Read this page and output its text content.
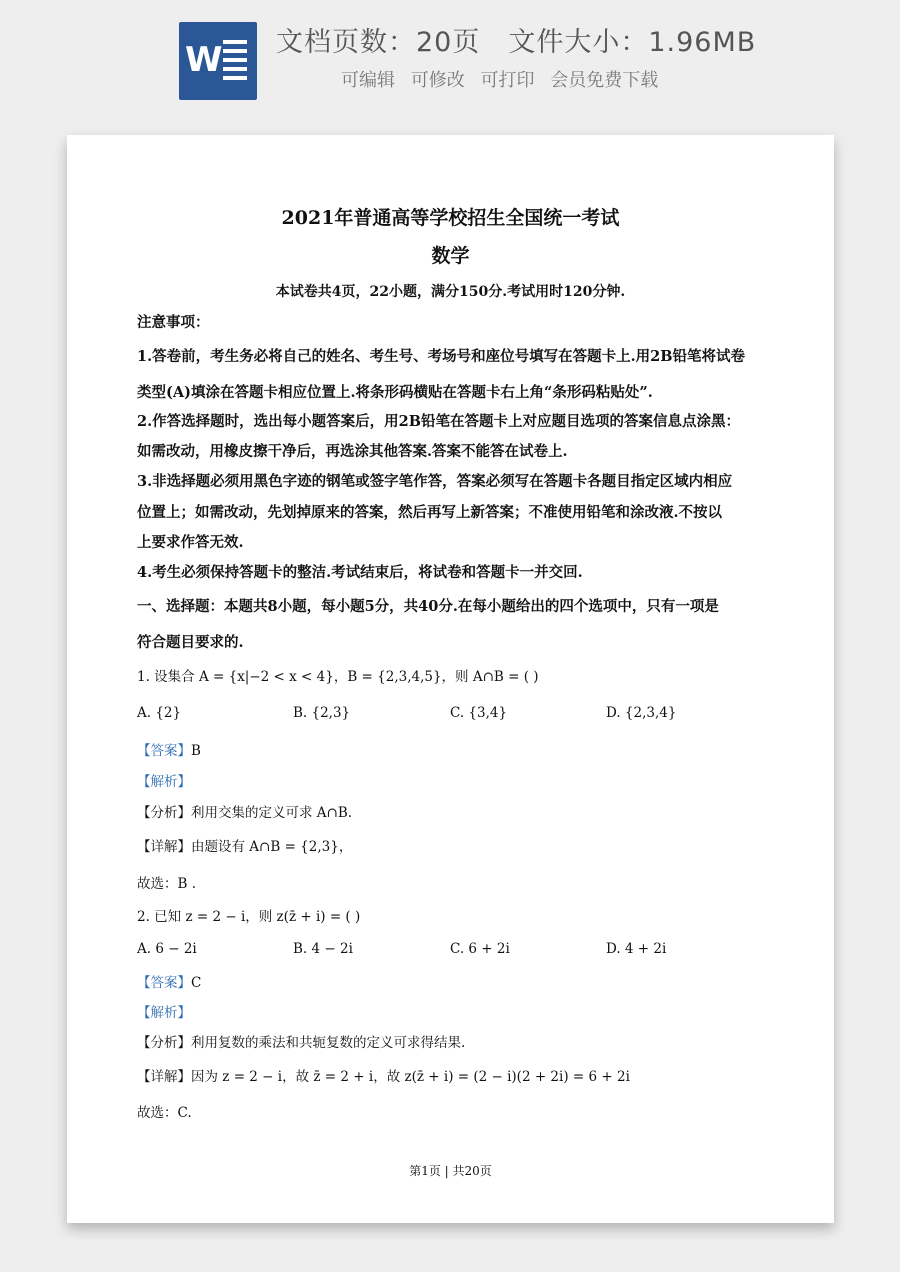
W 文档页数：20页 文件大小：1.96MB
可编辑 可修改 可打印 会员免费下载
2021年普通高等学校招生全国统一考试
数学
本试卷共4页，22小题，满分150分.考试用时120分钟.
注意事项：
1.答卷前，考生务必将自己的姓名、考生号、考场号和座位号填写在答题卡上.用2B铅笔将试卷
类型(A)填涂在答题卡相应位置上.将条形码横贴在答题卡右上角“条形码粘贴处”.
2.作答选择题时，选出每小题答案后，用2B铅笔在答题卡上对应题目选项的答案信息点涂黑：
如需改动，用橡皮擦干净后，再选涂其他答案.答案不能答在试卷上.
3.非选择题必须用黑色字迹的钢笔或签字笔作答，答案必须写在答题卡各题目指定区域内相应
位置上；如需改动，先划掉原来的答案，然后再写上新答案；不准使用铅笔和涂改液.不按以
上要求作答无效.
4.考生必须保持答题卡的整洁.考试结束后，将试卷和答题卡一并交回.
一、选择题：本题共8小题，每小题5分，共40分.在每小题给出的四个选项中，只有一项是
符合题目要求的.
1. 设集合 A = {x|−2 < x < 4}，B = {2,3,4,5}，则 A∩B = ( )
A. {2}	B. {2,3}	C. {3,4}	D. {2,3,4}
【答案】B
【解析】
【分析】利用交集的定义可求 A∩B.
【详解】由题设有 A∩B = {2,3}，
故选：B .
2. 已知 z = 2 − i，则 z(z̄ + i) = ( )
A. 6 − 2i	B. 4 − 2i	C. 6 + 2i	D. 4 + 2i
【答案】C
【解析】
【分析】利用复数的乘法和共轭复数的定义可求得结果.
【详解】因为 z = 2 − i，故 z̄ = 2 + i，故 z(z̄ + i) = (2 − i)(2 + 2i) = 6 + 2i
故选：C.
第1页 | 共20页
